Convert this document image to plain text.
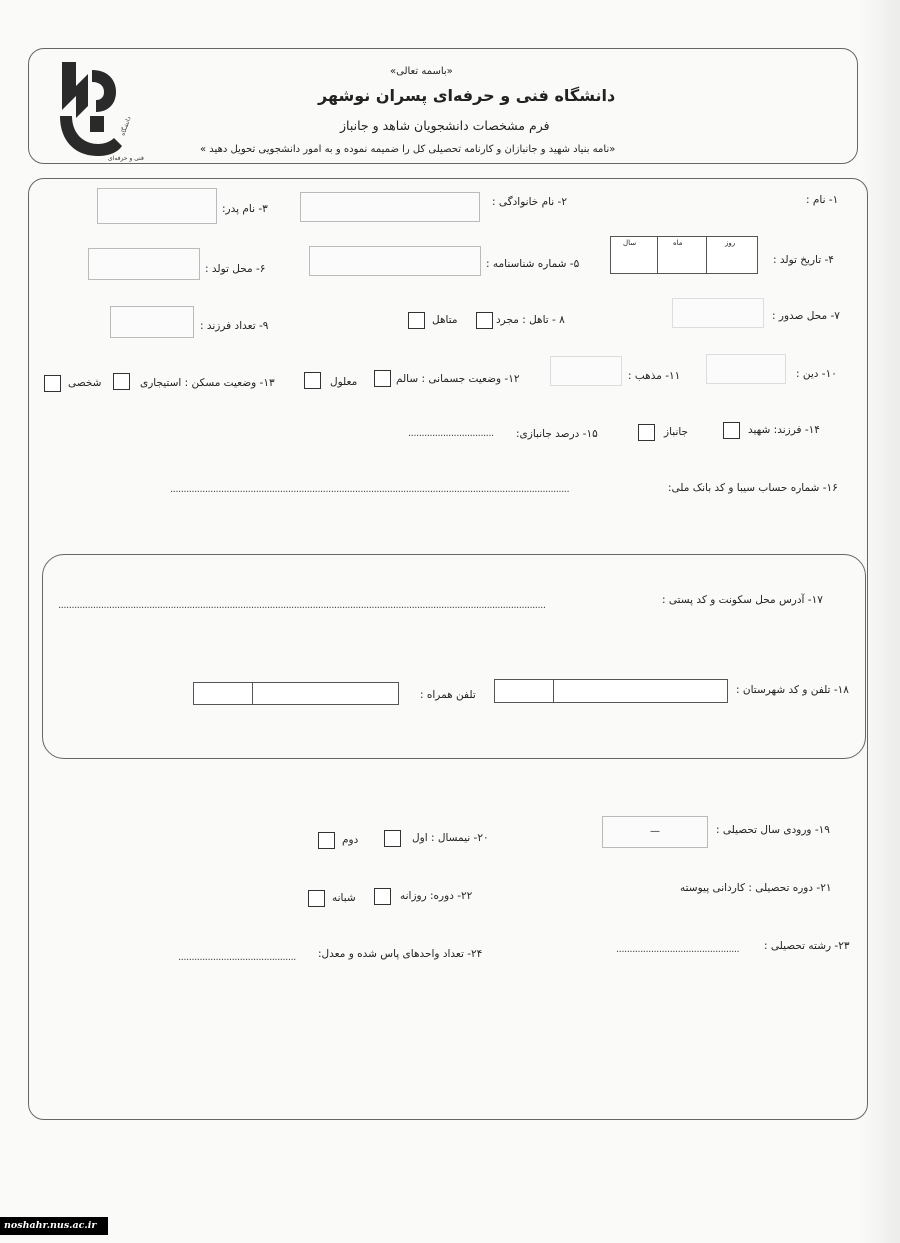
دانشگاه
فنی و حرفه‌ای
«باسمه تعالی»
دانشگاه فنی و حرفه‌ای پسران نوشهر
فرم مشخصات دانشجویان شاهد و جانباز
«نامه بنیاد شهید و جانبازان و کارنامه تحصیلی کل را ضمیمه نموده و به امور دانشجویی تحویل دهید »
۱- نام :
۲- نام خانوادگی :
۳- نام پدر:
۴- تاریخ تولد :
سال	ماه	روز
۵- شماره شناسنامه :
۶- محل تولد :
۷- محل صدور :
۸ - تاهل : مجرد
متاهل
۹- تعداد فرزند :
۱۰- دین :
۱۱- مذهب :
۱۲- وضعیت جسمانی : سالم
معلول
۱۳- وضعیت مسکن : استیجاری
شخصی
۱۴- فرزند: شهید
جانباز
۱۵- درصد جانبازی:
................................
۱۶- شماره حساب سیبا و کد بانک ملی:
.....................................................................................................................................................
۱۷- آدرس محل سکونت و کد پستی :
......................................................................................................................................................................................
۱۸- تلفن و کد شهرستان :
تلفن همراه :
۱۹- ورودی سال تحصیلی :
—
۲۰- نیمسال : اول
دوم
۲۱- دوره تحصیلی : کاردانی پیوسته
۲۲- دوره: روزانه
شبانه
۲۳- رشته تحصیلی :
..............................................
۲۴- تعداد واحدهای پاس شده و معدل:
............................................
noshahr.nus.ac.ir
